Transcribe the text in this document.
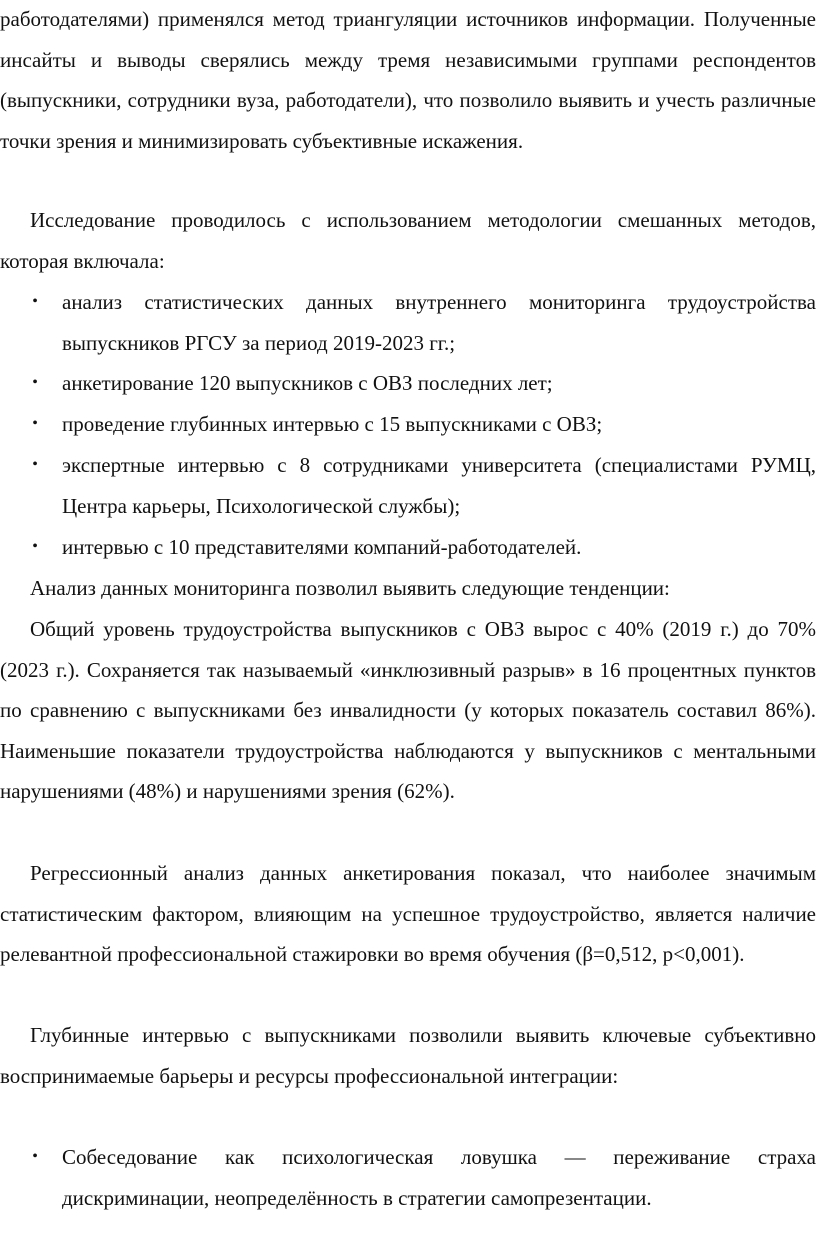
работодателями) применялся метод триангуляции источников информации. Полученные инсайты и выводы сверялись между тремя независимыми группами респондентов (выпускники, сотрудники вуза, работодатели), что позволило выявить и учесть различные точки зрения и минимизировать субъективные искажения.

Исследование проводилось с использованием методологии смешанных методов, которая включала:

•	анализ статистических данных внутреннего мониторинга трудоустройства выпускников РГСУ за период 2019-2023 гг.;

•	анкетирование 120 выпускников с ОВЗ последних лет;

•	проведение глубинных интервью с 15 выпускниками с ОВЗ;

•	экспертные интервью с 8 сотрудниками университета (специалистами РУМЦ, Центра карьеры, Психологической службы);

•	интервью с 10 представителями компаний-работодателей.

Анализ данных мониторинга позволил выявить следующие тенденции:

Общий уровень трудоустройства выпускников с ОВЗ вырос с 40% (2019 г.) до 70% (2023 г.). Сохраняется так называемый «инклюзивный разрыв» в 16 процентных пунктов по сравнению с выпускниками без инвалидности (у которых показатель составил 86%). Наименьшие показатели трудоустройства наблюдаются у выпускников с ментальными нарушениями (48%) и нарушениями зрения (62%).

Регрессионный анализ данных анкетирования показал, что наиболее значимым статистическим фактором, влияющим на успешное трудоустройство, является наличие релевантной профессиональной стажировки во время обучения (β=0,512, p<0,001).

Глубинные интервью с выпускниками позволили выявить ключевые субъективно воспринимаемые барьеры и ресурсы профессиональной интеграции:

•	Собеседование как психологическая ловушка — переживание страха дискриминации, неопределённость в стратегии самопрезентации.
